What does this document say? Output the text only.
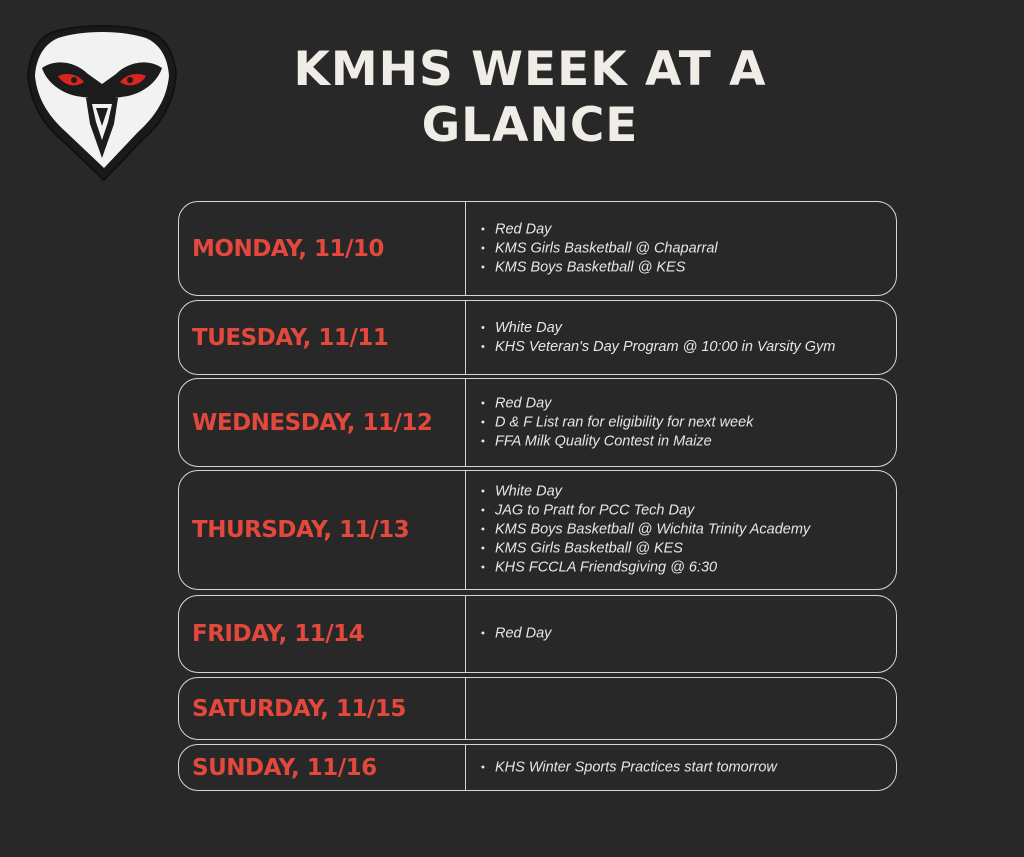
KMHS WEEK AT A GLANCE
MONDAY, 11/10
• Red Day
• KMS Girls Basketball @ Chaparral
• KMS Boys Basketball @ KES
TUESDAY, 11/11	• White Day
• KHS Veteran's Day Program @ 10:00 in Varsity Gym
WEDNESDAY, 11/12
• Red Day
• D & F List ran for eligibility for next week
• FFA Milk Quality Contest in Maize
THURSDAY, 11/13
• White Day
• JAG to Pratt for PCC Tech Day
• KMS Boys Basketball @ Wichita Trinity Academy
• KMS Girls Basketball @ KES
• KHS FCCLA Friendsgiving @ 6:30
FRIDAY, 11/14	• Red Day
SATURDAY, 11/15
SUNDAY, 11/16	• KHS Winter Sports Practices start tomorrow
